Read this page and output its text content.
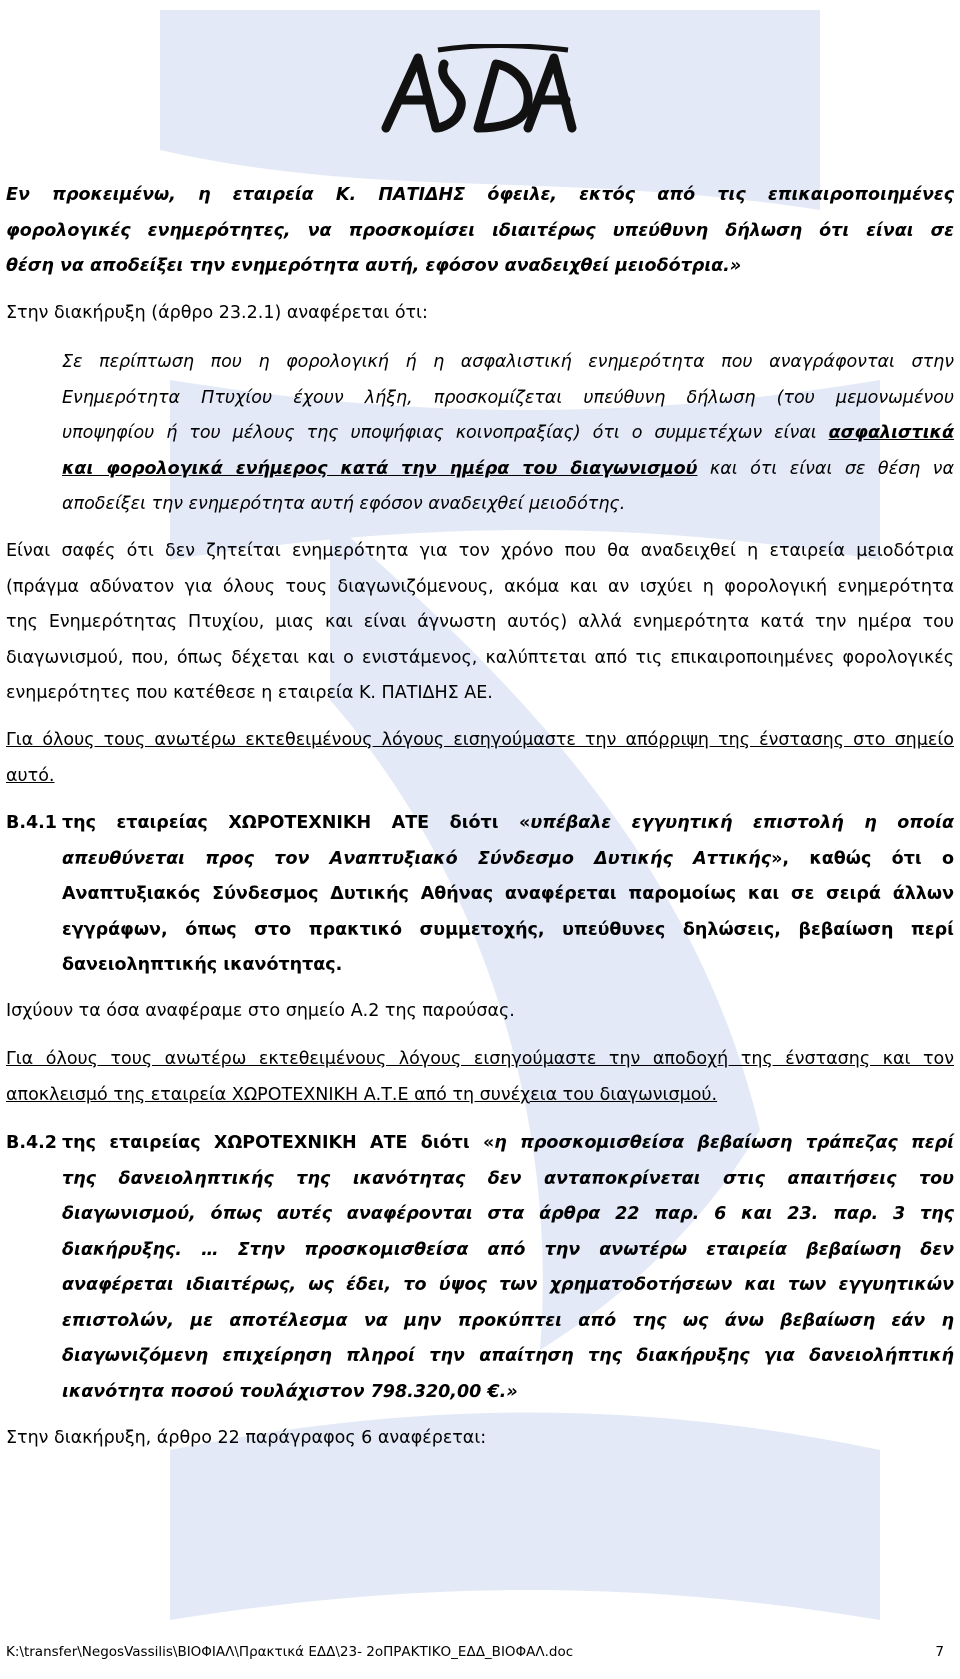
Εν προκειμένω, η εταιρεία Κ. ΠΑΤΙΔΗΣ όφειλε, εκτός από τις επικαιροποιημένες
φορολογικές ενημερότητες, να προσκομίσει ιδιαιτέρως υπεύθυνη δήλωση ότι είναι σε
θέση να αποδείξει την ενημερότητα αυτή, εφόσον αναδειχθεί μειοδότρια.»

Στην διακήρυξη (άρθρο 23.2.1) αναφέρεται ότι:

Σε περίπτωση που η φορολογική ή η ασφαλιστική ενημερότητα που αναγράφονται στην
Ενημερότητα Πτυχίου έχουν λήξη, προσκομίζεται υπεύθυνη δήλωση (του μεμονωμένου
υποψηφίου ή του μέλους της υποψήφιας κοινοπραξίας) ότι ο συμμετέχων είναι ασφαλιστικά
και φορολογικά ενήμερος κατά την ημέρα του διαγωνισμού και ότι είναι σε θέση να
αποδείξει την ενημερότητα αυτή εφόσον αναδειχθεί μειοδότης.

Είναι σαφές ότι δεν ζητείται ενημερότητα για τον χρόνο που θα αναδειχθεί η εταιρεία μειοδότρια
(πράγμα αδύνατον για όλους τους διαγωνιζόμενους, ακόμα και αν ισχύει η φορολογική ενημερότητα
της Ενημερότητας Πτυχίου, μιας και είναι άγνωστη αυτός) αλλά ενημερότητα κατά την ημέρα του
διαγωνισμού, που, όπως δέχεται και ο ενιστάμενος, καλύπτεται από τις επικαιροποιημένες φορολογικές
ενημερότητες που κατέθεσε η εταιρεία Κ. ΠΑΤΙΔΗΣ ΑΕ.

Για όλους τους ανωτέρω εκτεθειμένους λόγους εισηγούμαστε την απόρριψη της ένστασης στο σημείο
αυτό.

Β.4.1 της εταιρείας ΧΩΡΟΤΕΧΝΙΚΗ ΑΤΕ διότι «υπέβαλε εγγυητική επιστολή η οποία
απευθύνεται προς τον Αναπτυξιακό Σύνδεσμο Δυτικής Αττικής», καθώς ότι ο
Αναπτυξιακός Σύνδεσμος Δυτικής Αθήνας αναφέρεται παρομοίως και σε σειρά άλλων
εγγράφων, όπως στο πρακτικό συμμετοχής, υπεύθυνες δηλώσεις, βεβαίωση περί
δανειοληπτικής ικανότητας.

Ισχύουν τα όσα αναφέραμε στο σημείο Α.2 της παρούσας.

Για όλους τους ανωτέρω εκτεθειμένους λόγους εισηγούμαστε την αποδοχή της ένστασης και τον
αποκλεισμό της εταιρεία ΧΩΡΟΤΕΧΝΙΚΗ Α.Τ.Ε από τη συνέχεια του διαγωνισμού.

Β.4.2 της εταιρείας ΧΩΡΟΤΕΧΝΙΚΗ ΑΤΕ διότι «η προσκομισθείσα βεβαίωση τράπεζας περί
της δανειοληπτικής της ικανότητας δεν ανταποκρίνεται στις απαιτήσεις του
διαγωνισμού, όπως αυτές αναφέρονται στα άρθρα 22 παρ. 6 και 23. παρ. 3 της
διακήρυξης. … Στην προσκομισθείσα από την ανωτέρω εταιρεία βεβαίωση δεν
αναφέρεται ιδιαιτέρως, ως έδει, το ύψος των χρηματοδοτήσεων και των εγγυητικών
επιστολών, με αποτέλεσμα να μην προκύπτει από της ως άνω βεβαίωση εάν η
διαγωνιζόμενη επιχείρηση πληροί την απαίτηση της διακήρυξης για δανειολήπτική
ικανότητα ποσού τουλάχιστον 798.320,00 €.»

Στην διακήρυξη, άρθρο 22 παράγραφος 6 αναφέρεται:

K:\transfer\NegosVassilis\ΒΙΟΦΙΑΛ\Πρακτικά ΕΔΔ\23- 2οΠΡΑΚΤΙΚΟ_ΕΔΔ_ΒΙΟΦΑΛ.doc	7
